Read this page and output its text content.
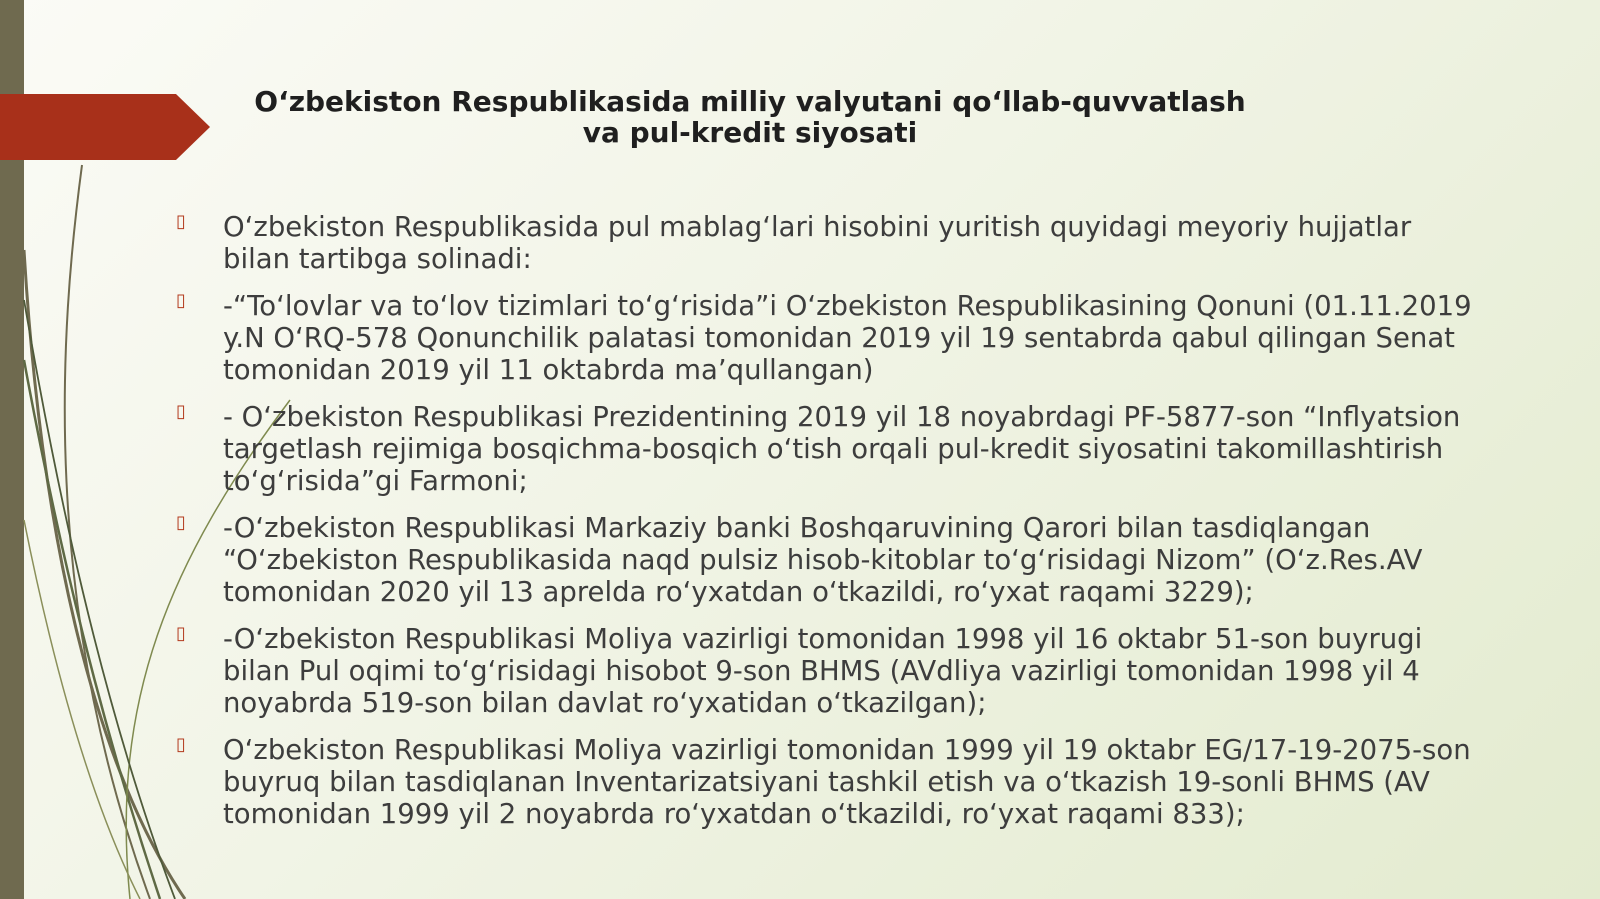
O‘zbekiston Respublikasida milliy valyutani qo‘llab-quvvatlash
va pul-kredit siyosati
▯ O‘zbekiston Respublikasida pul mablag‘lari hisobini yuritish quyidagi meyoriy hujjatlar bilan tartibga solinadi:
▯ -“To‘lovlar va to‘lov tizimlari to‘g‘risida”i O‘zbekiston Respublikasining Qonuni (01.11.2019 y.N O‘RQ-578 Qonunchilik palatasi tomonidan 2019 yil 19 sentabrda qabul qilingan Senat tomonidan 2019 yil 11 oktabrda ma’qullangan)
▯ - O‘zbekiston Respublikasi Prezidentining 2019 yil 18 noyabrdagi PF-5877-son “Inflyatsion targetlash rejimiga bosqichma-bosqich o‘tish orqali pul-kredit siyosatini takomillashtirish to‘g‘risida”gi Farmoni;
▯ -O‘zbekiston Respublikasi Markaziy banki Boshqaruvining Qarori bilan tasdiqlangan “O‘zbekiston Respublikasida naqd pulsiz hisob-kitoblar to‘g‘risidagi Nizom” (O‘z.Res.AV tomonidan 2020 yil 13 aprelda ro‘yxatdan o‘tkazildi, ro‘yxat raqami 3229);
▯ -O‘zbekiston Respublikasi Moliya vazirligi tomonidan 1998 yil 16 oktabr 51-son buyrugi bilan Pul oqimi to‘g‘risidagi hisobot 9-son BHMS (AVdliya vazirligi tomonidan 1998 yil 4 noyabrda 519-son bilan davlat ro‘yxatidan o‘tkazilgan);
▯ O‘zbekiston Respublikasi Moliya vazirligi tomonidan 1999 yil 19 oktabr EG/17-19-2075-son buyruq bilan tasdiqlanan Inventarizatsiyani tashkil etish va o‘tkazish 19-sonli BHMS (AV tomonidan 1999 yil 2 noyabrda ro‘yxatdan o‘tkazildi, ro‘yxat raqami 833);
